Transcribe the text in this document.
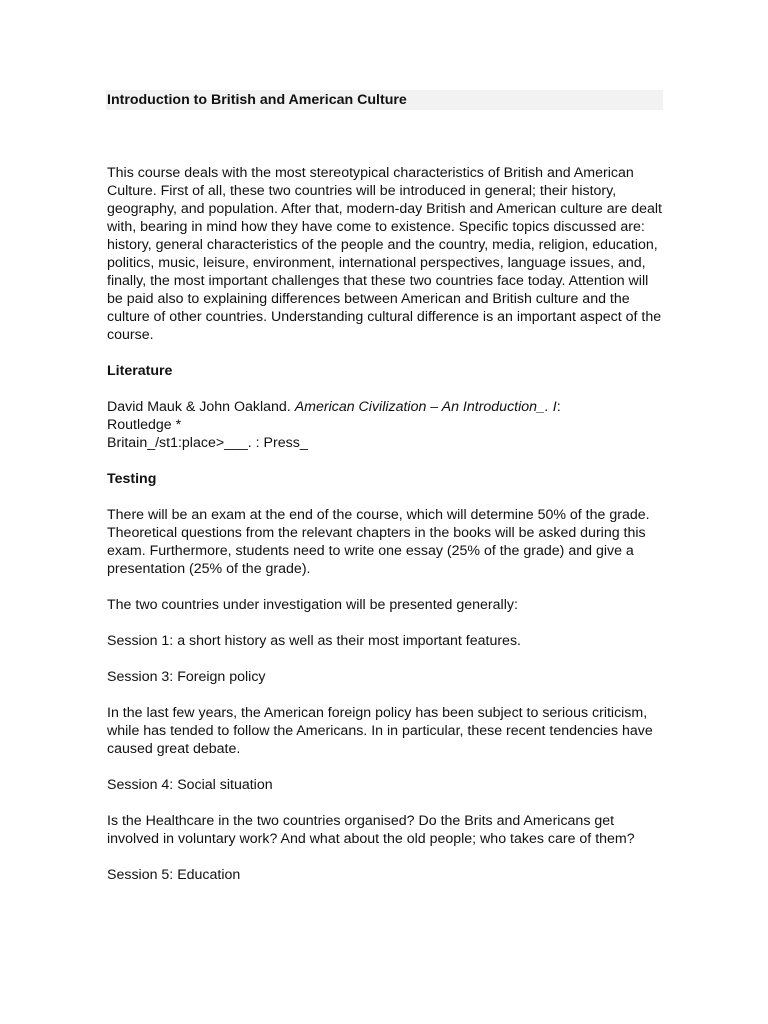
Introduction to British and American Culture

This course deals with the most stereotypical characteristics of British and American Culture. First of all, these two countries will be introduced in general; their history, geography, and population. After that, modern-day British and American culture are dealt with, bearing in mind how they have come to existence. Specific topics discussed are: history, general characteristics of the people and the country, media, religion, education, politics, music, leisure, environment, international perspectives, language issues, and, finally, the most important challenges that these two countries face today. Attention will be paid also to explaining differences between American and British culture and the culture of other countries. Understanding cultural difference is an important aspect of the course.

Literature

David Mauk & John Oakland. American Civilization – An Introduction_. I:

Routledge *

Britain_/st1:place>___. : Press_

Testing

There will be an exam at the end of the course, which will determine 50% of the grade. Theoretical questions from the relevant chapters in the books will be asked during this exam. Furthermore, students need to write one essay (25% of the grade) and give a presentation (25% of the grade).

The two countries under investigation will be presented generally:

Session 1: a short history as well as their most important features.

Session 3: Foreign policy

In the last few years, the American foreign policy has been subject to serious criticism, while has tended to follow the Americans. In in particular, these recent tendencies have caused great debate.

Session 4: Social situation

Is the Healthcare in the two countries organised? Do the Brits and Americans get involved in voluntary work? And what about the old people; who takes care of them?

Session 5: Education
